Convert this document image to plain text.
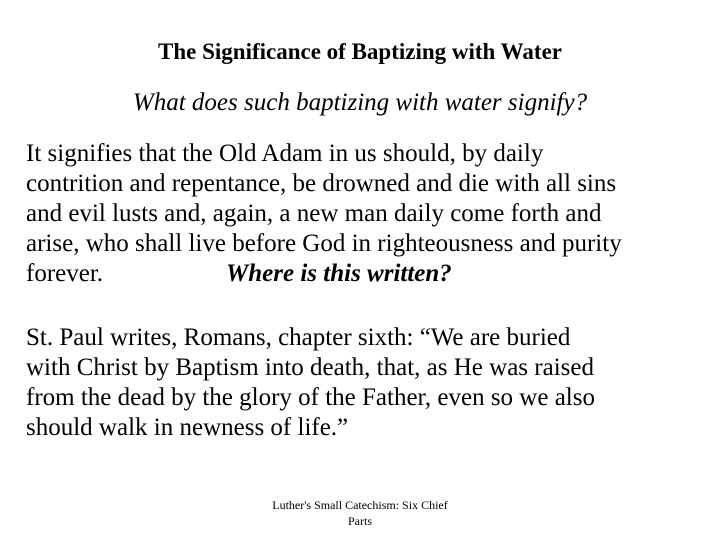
The Significance of Baptizing with Water
What does such baptizing with water signify?
It signifies that the Old Adam in us should, by daily
contrition and repentance, be drowned and die with all sins
and evil lusts and, again, a new man daily come forth and
arise, who shall live before God in righteousness and purity
forever.	Where is this written?
St. Paul writes, Romans, chapter sixth: “We are buried
with Christ by Baptism into death, that, as He was raised
from the dead by the glory of the Father, even so we also
should walk in newness of life.”
Luther's Small Catechism: Six Chief
Parts
